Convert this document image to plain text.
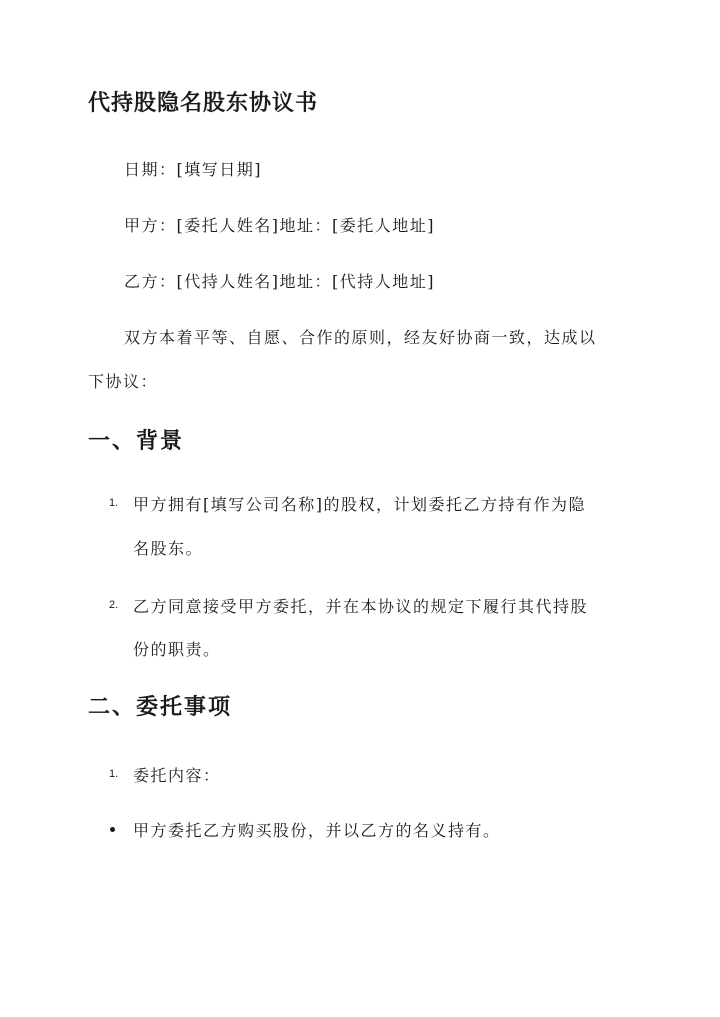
代持股隐名股东协议书

日期：[填写日期]

甲方：[委托人姓名]地址：[委托人地址]

乙方：[代持人姓名]地址：[代持人地址]

双方本着平等、自愿、合作的原则，经友好协商一致，达成以

下协议：

一、背景
1. 甲方拥有[填写公司名称]的股权，计划委托乙方持有作为隐
名股东。
2. 乙方同意接受甲方委托，并在本协议的规定下履行其代持股
份的职责。
二、委托事项
1. 委托内容：
甲方委托乙方购买股份，并以乙方的名义持有。
